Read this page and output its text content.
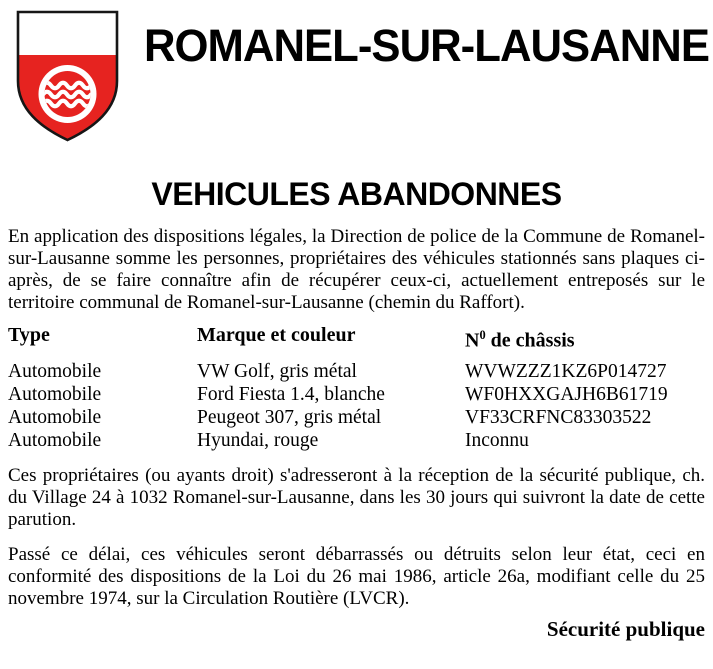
ROMANEL-SUR-LAUSANNE
VEHICULES ABANDONNES

En application des dispositions légales, la Direction de police de la Commune de Romanel-sur-Lausanne somme les personnes, propriétaires des véhicules stationnés sans plaques ci-après, de se faire connaître afin de récupérer ceux-ci, actuellement entreposés sur le territoire communal de Romanel-sur-Lausanne (chemin du Raffort).

Type	Marque et couleur	$N^0$ de châssis
Automobile	VW Golf, gris métal	WVWZZZ1KZ6P014727
Automobile	Ford Fiesta 1.4, blanche	WF0HXXGAJH6B61719
Automobile	Peugeot 307, gris métal	VF33CRFNC83303522
Automobile	Hyundai, rouge	Inconnu

Ces propriétaires (ou ayants droit) s'adresseront à la réception de la sécurité publique, ch. du Village 24 à 1032 Romanel-sur-Lausanne, dans les 30 jours qui suivront la date de cette parution.

Passé ce délai, ces véhicules seront débarrassés ou détruits selon leur état, ceci en conformité des dispositions de la Loi du 26 mai 1986, article 26a, modifiant celle du 25 novembre 1974, sur la Circulation Routière (LVCR).

Sécurité publique
